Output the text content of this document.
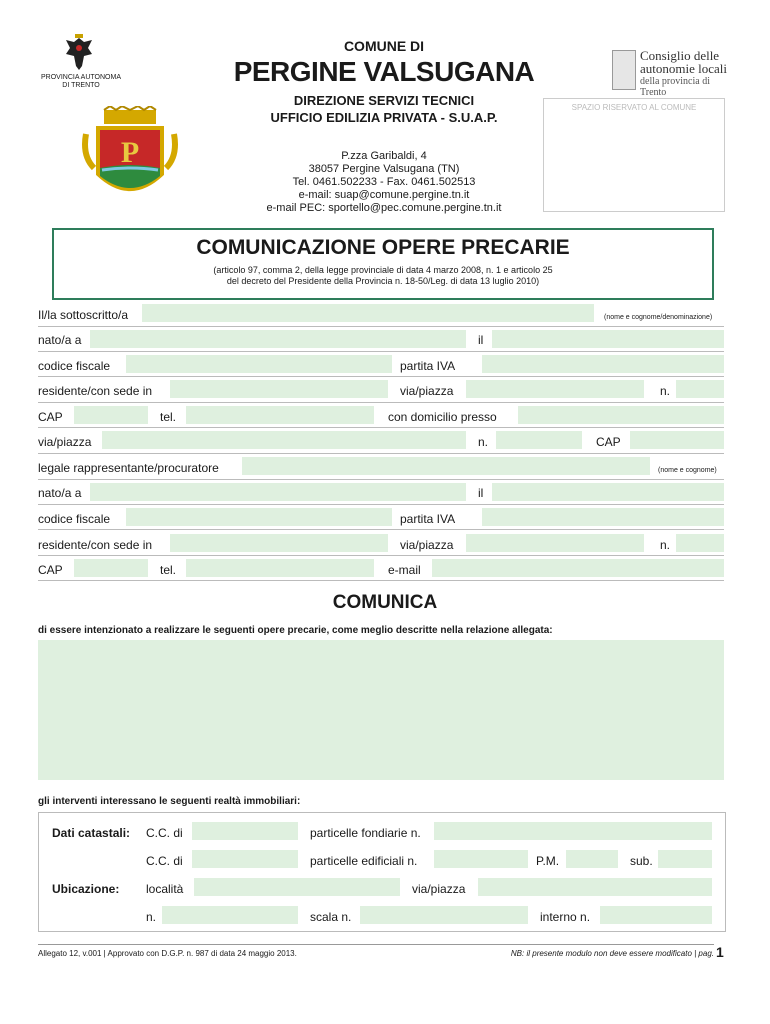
PROVINCIA AUTONOMA
DI TRENTO
P
COMUNE DI
PERGINE VALSUGANA
DIREZIONE SERVIZI TECNICI
UFFICIO EDILIZIA PRIVATA - S.U.A.P.
P.zza Garibaldi, 4
38057 Pergine Valsugana (TN)
Tel. 0461.502233 - Fax. 0461.502513
e-mail: suap@comune.pergine.tn.it
e-mail PEC: sportello@pec.comune.pergine.tn.it
Consiglio delle
autonomie locali
della provincia di Trento
SPAZIO RISERVATO AL COMUNE
COMUNICAZIONE OPERE PRECARIE
(articolo 97, comma 2, della legge provinciale di data 4 marzo 2008, n. 1 e articolo 25
del decreto del Presidente della Provincia n. 18-50/Leg. di data 13 luglio 2010)
Il/la sottoscritto/a	(nome e cognome/denominazione)
nato/a a	il
codice fiscale	partita IVA
residente/con sede in	via/piazza	n.
CAP	tel.	con domicilio presso
via/piazza	n.	CAP
legale rappresentante/procuratore	(nome e cognome)
nato/a a	il
codice fiscale	partita IVA
residente/con sede in	via/piazza	n.
CAP	tel.	e-mail
COMUNICA
di essere intenzionato a realizzare le seguenti opere precarie, come meglio descritte nella relazione allegata:
gli interventi interessano le seguenti realtà immobiliari:
Dati catastali: C.C. di	particelle fondiarie n.
C.C. di	particelle edificiali n.	P.M.	sub.
Ubicazione: località	via/piazza
n.	scala n.	interno n.
Allegato 12, v.001 | Approvato con D.G.P. n. 987 di data 24 maggio 2013.	NB: il presente modulo non deve essere modificato | pag. 1
